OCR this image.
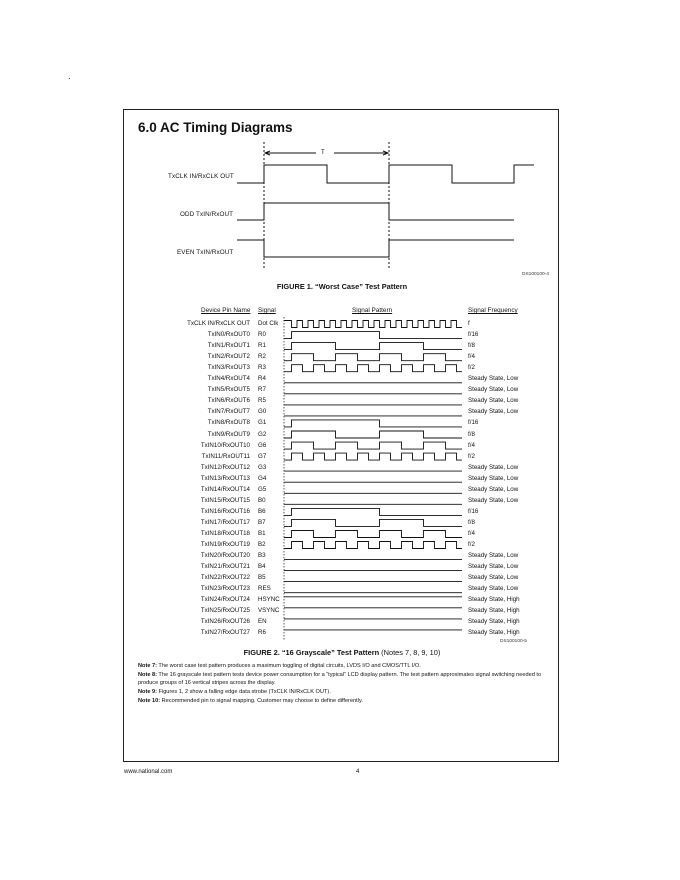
.
6.0 AC Timing Diagrams
T
TxCLK IN/RxCLK OUT
ODD TxIN/RxOUT
EVEN TxIN/RxOUT
DS100100-4
FIGURE 1. “Worst Case” Test Pattern
Device Pin Name Signal	Signal Pattern	Signal Frequency
TxCLK IN/RxCLK OUT Dot Clk	f
TxIN0/RxOUT0 R0	f/16
TxIN1/RxOUT1 R1	f/8
TxIN2/RxOUT2 R2	f/4
TxIN3/RxOUT3 R3	f/2
TxIN4/RxOUT4 R4	Steady State, Low
TxIN5/RxOUT5 R7	Steady State, Low
TxIN6/RxOUT6 R5	Steady State, Low
TxIN7/RxOUT7 G0	Steady State, Low
TxIN8/RxOUT8 G1	f/16
TxIN9/RxOUT9 G2	f/8
TxIN10/RxOUT10 G6	f/4
TxIN11/RxOUT11 G7	f/2
TxIN12/RxOUT12 G3	Steady State, Low
TxIN13/RxOUT13 G4	Steady State, Low
TxIN14/RxOUT14 G5	Steady State, Low
TxIN15/RxOUT15 B0	Steady State, Low
TxIN16/RxOUT16 B6	f/16
TxIN17/RxOUT17 B7	f/8
TxIN18/RxOUT18 B1	f/4
TxIN19/RxOUT19 B2	f/2
TxIN20/RxOUT20 B3	Steady State, Low
TxIN21/RxOUT21 B4	Steady State, Low
TxIN22/RxOUT22 B5	Steady State, Low
TxIN23/RxOUT23 RES	Steady State, Low
TxIN24/RxOUT24 HSYNC	Steady State, High
TxIN25/RxOUT25 VSYNC	Steady State, High
TxIN26/RxOUT26 EN	Steady State, High
TxIN27/RxOUT27 R6	Steady State, High
DS100100-5
FIGURE 2. “16 Grayscale” Test Pattern (Notes 7, 8, 9, 10)

Note 7: The worst case test pattern produces a maximum toggling of digital circuits, LVDS I/O and CMOS/TTL I/O.

Note 8: The 16 grayscale test pattern tests device power consumption for a “typical” LCD display pattern. The test pattern approximates signal switching needed to produce groups of 16 vertical stripes across the display.

Note 9: Figures 1, 2 show a falling edge data strobe (TxCLK IN/RxCLK OUT).

Note 10: Recommended pin to signal mapping. Customer may choose to define differently.

www.national.com	4
